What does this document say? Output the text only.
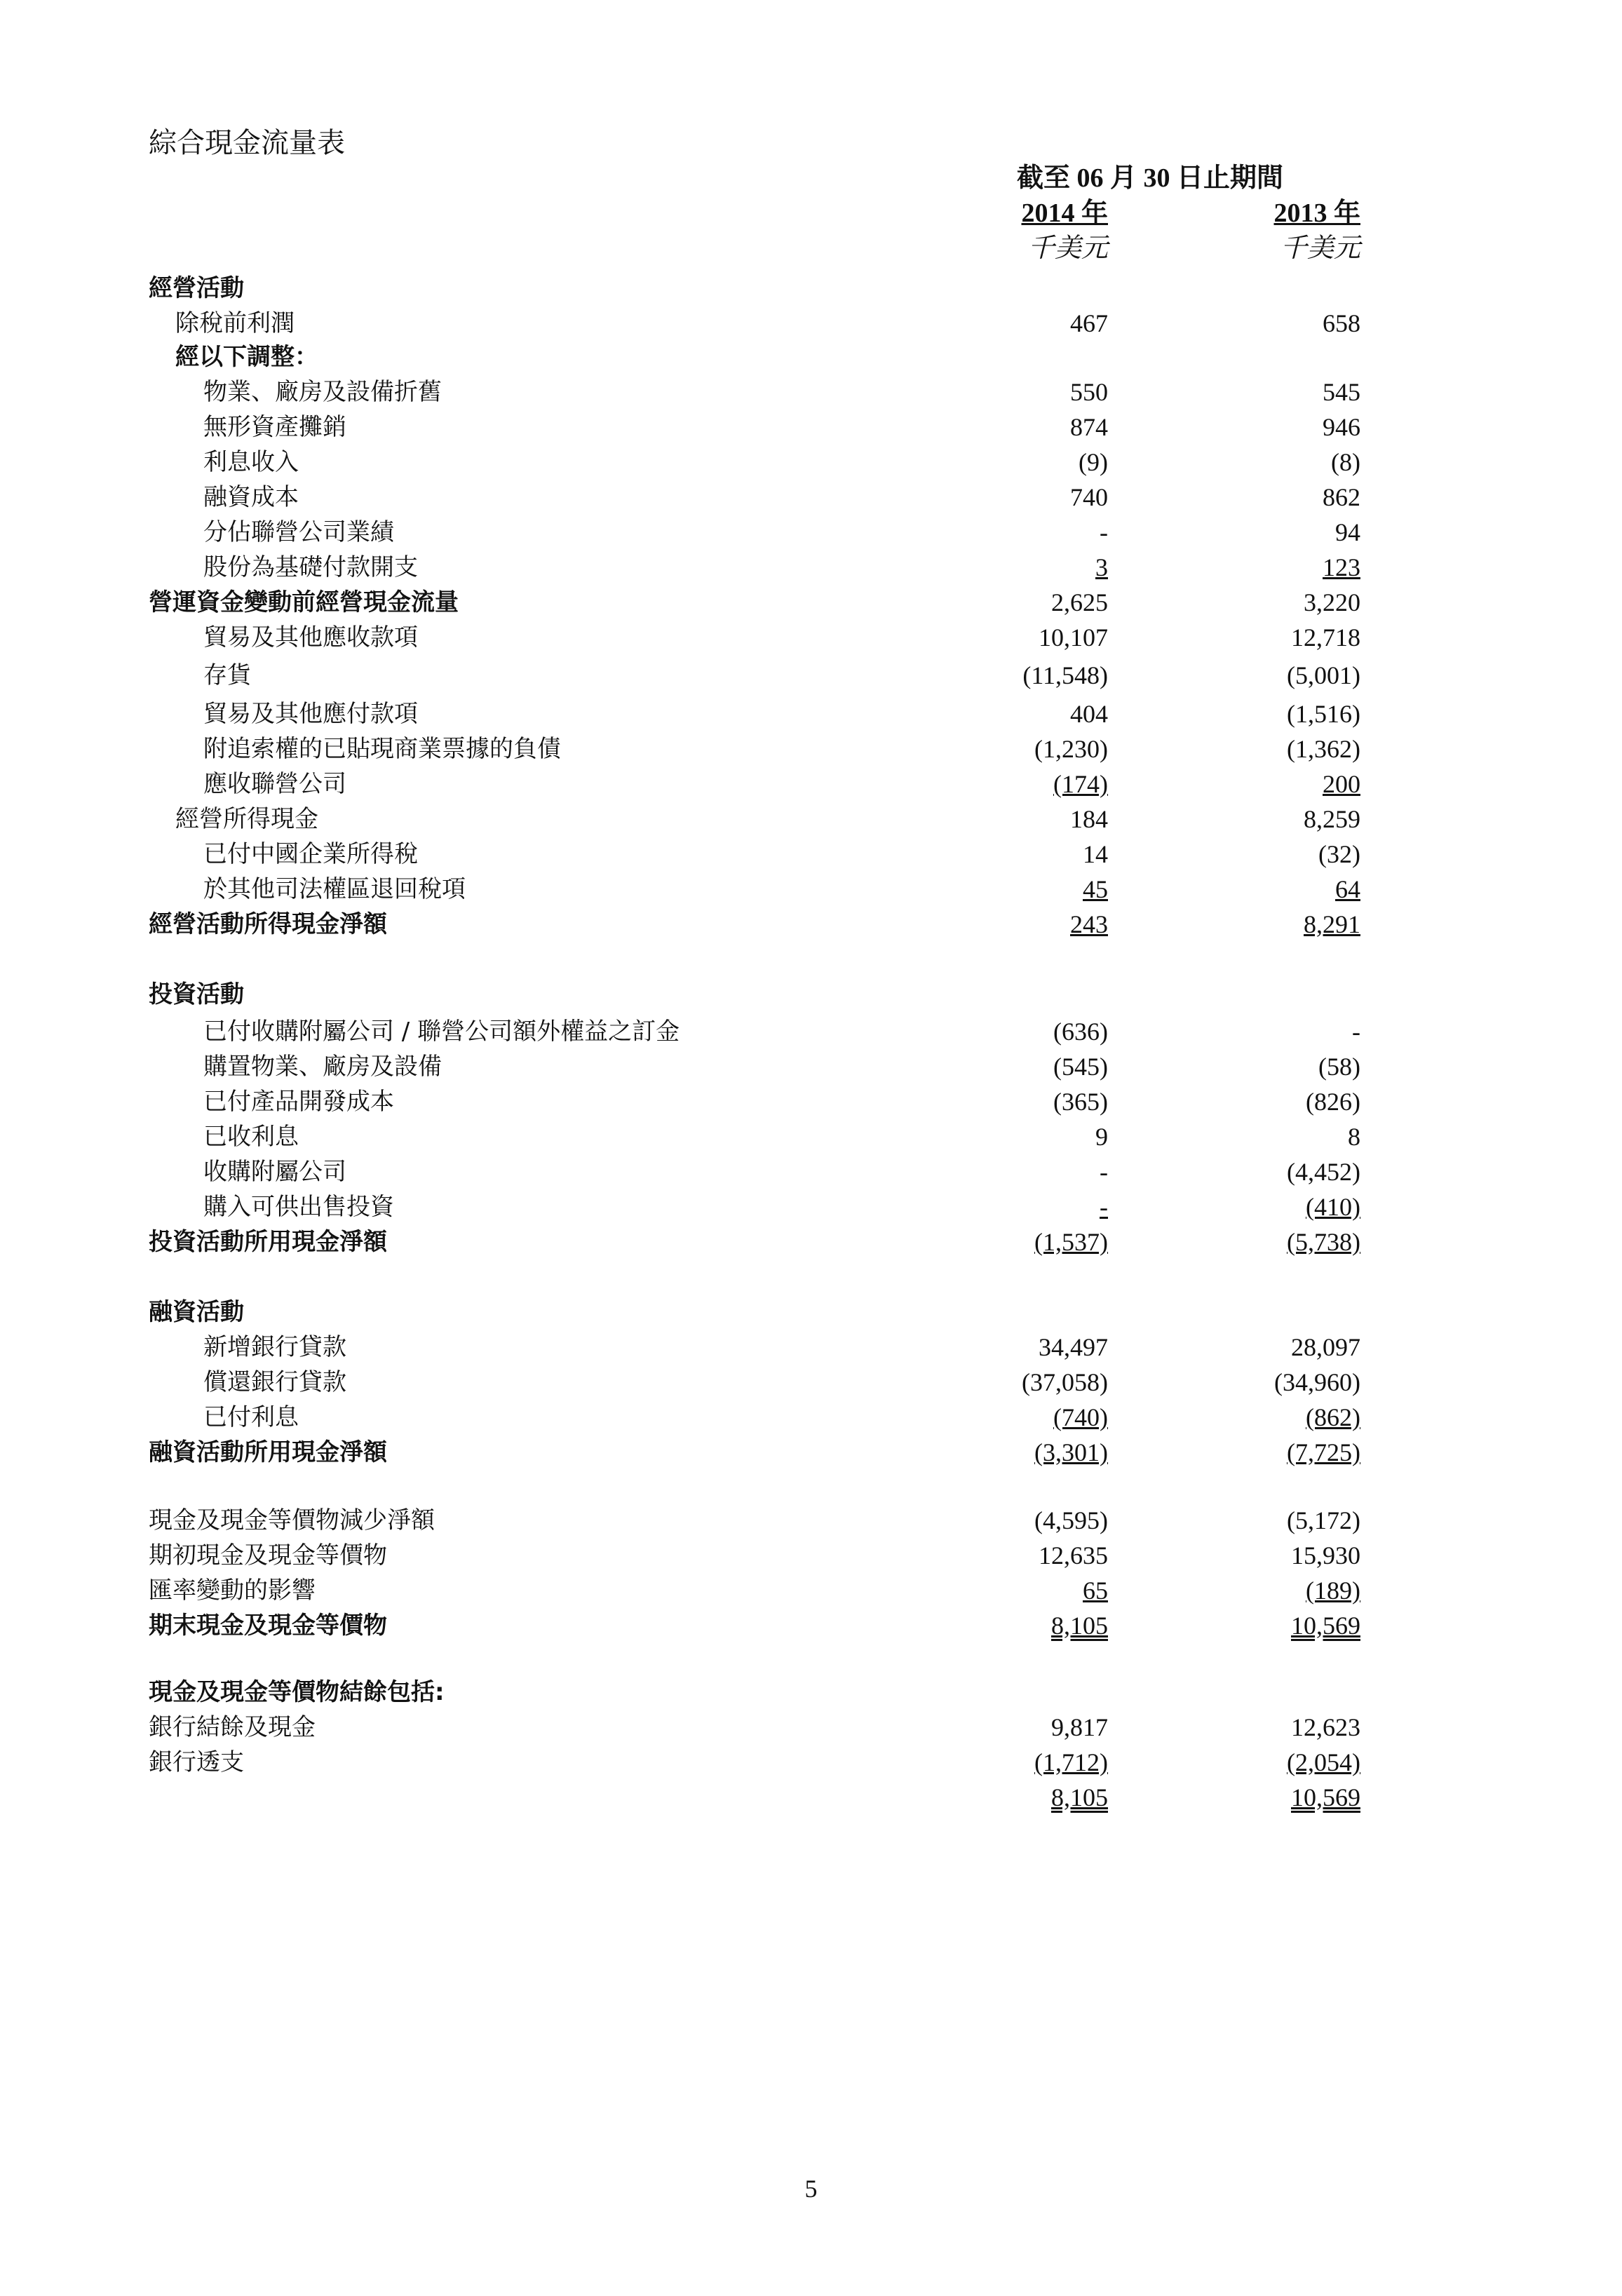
綜合現金流量表
截至 06 月 30 日止期間
2014 年	2013 年
千美元	千美元
經營活動
除稅前利潤	467	658
經以下調整：
物業、廠房及設備折舊	550	545
無形資產攤銷	874	946
利息收入	(9)	(8)
融資成本	740	862
分佔聯營公司業績	-	94
股份為基礎付款開支	3	123
營運資金變動前經營現金流量	2,625	3,220
貿易及其他應收款項	10,107	12,718
存貨	(11,548)	(5,001)
貿易及其他應付款項	404	(1,516)
附追索權的已貼現商業票據的負債	(1,230)	(1,362)
應收聯營公司	(174)	200
經營所得現金	184	8,259
已付中國企業所得稅	14	(32)
於其他司法權區退回稅項	45	64
經營活動所得現金淨額	243	8,291
投資活動
已付收購附屬公司 / 聯營公司額外權益之訂金	(636)	-
購置物業、廠房及設備	(545)	(58)
已付產品開發成本	(365)	(826)
已收利息	9	8
收購附屬公司	-	(4,452)
購入可供出售投資	-	(410)
投資活動所用現金淨額	(1,537)	(5,738)
融資活動
新增銀行貸款	34,497	28,097
償還銀行貸款	(37,058)	(34,960)
已付利息	(740)	(862)
融資活動所用現金淨額	(3,301)	(7,725)
現金及現金等價物減少淨額	(4,595)	(5,172)
期初現金及現金等價物	12,635	15,930
匯率變動的影響	65	(189)
期末現金及現金等價物	8,105	10,569
現金及現金等價物結餘包括:
銀行結餘及現金	9,817	12,623
銀行透支	(1,712)	(2,054)
8,105	10,569
5
